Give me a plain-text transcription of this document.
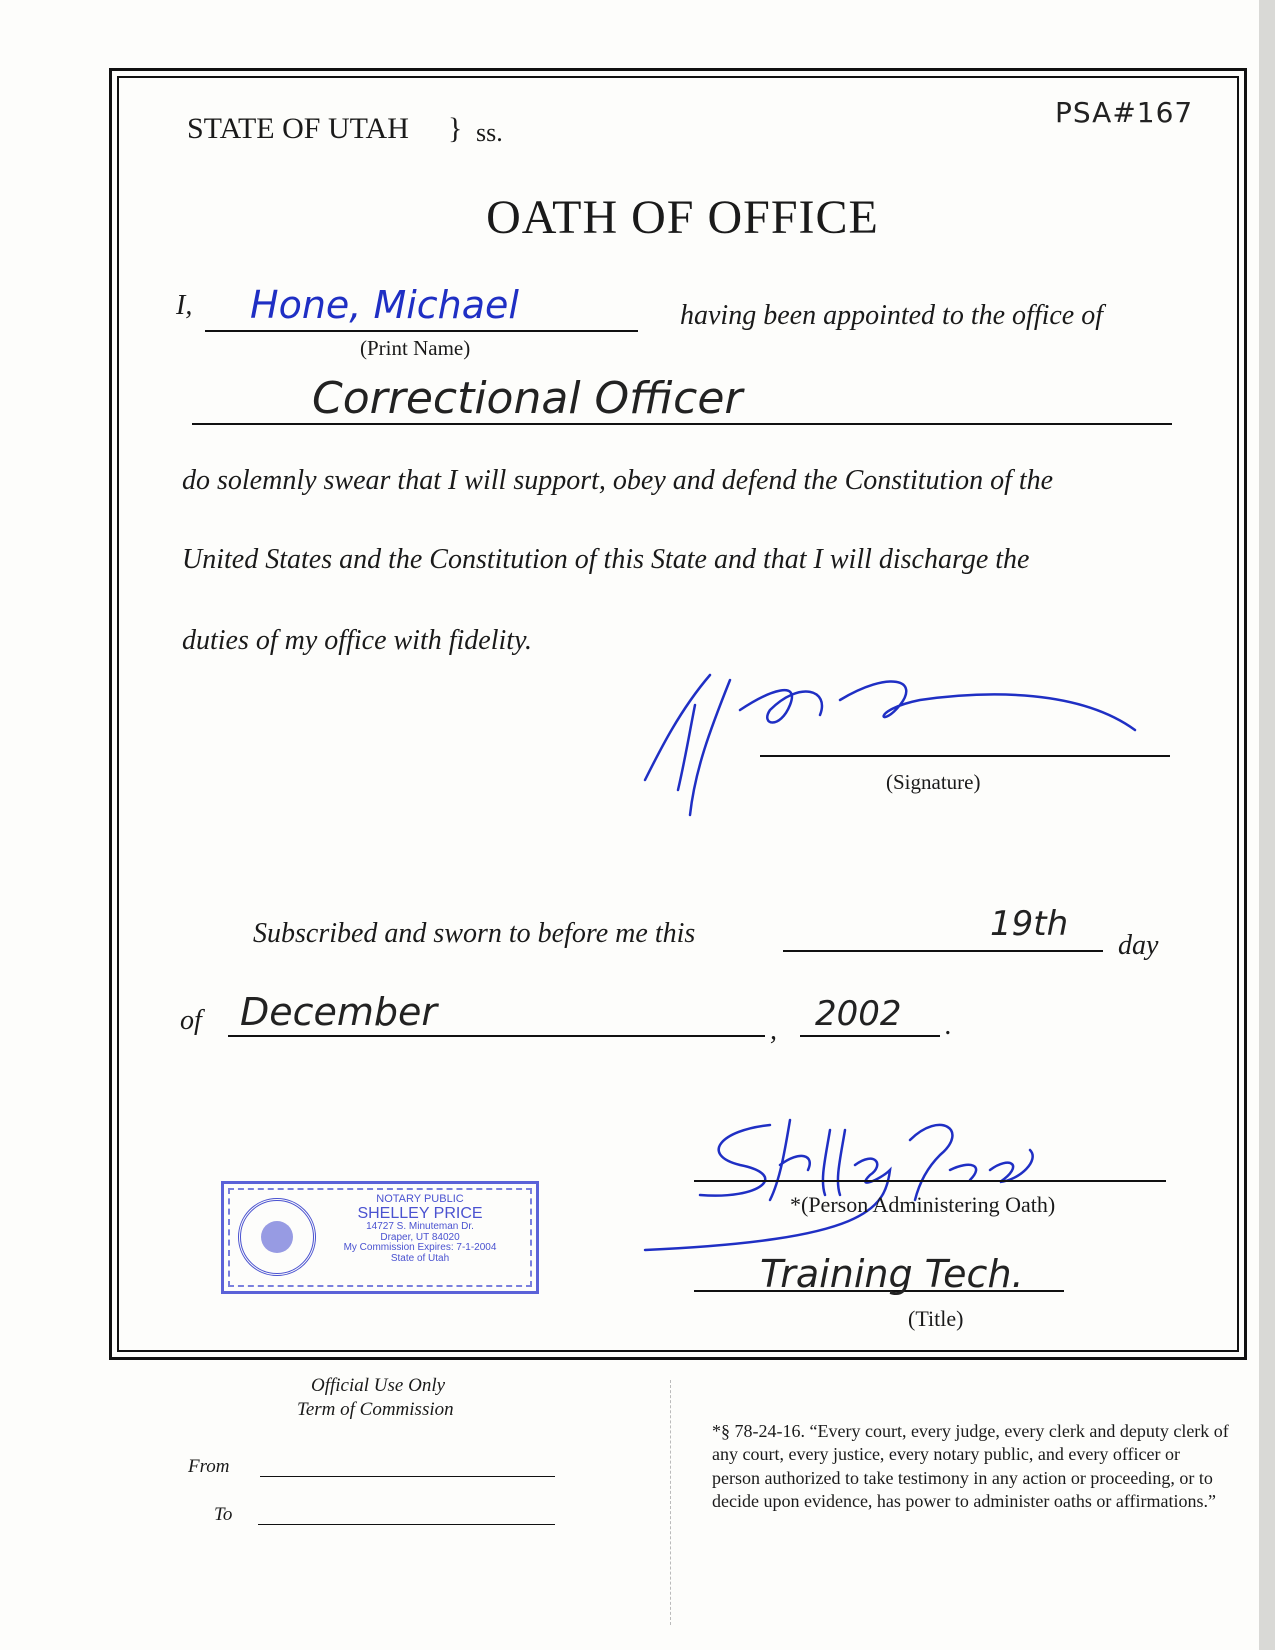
STATE OF UTAH } ss.
PSA#167
OATH OF OFFICE
I, Hone, Michael
(Print Name)
having been appointed to the office of
Correctional Officer
do solemnly swear that I will support, obey and defend the Constitution of the
United States and the Constitution of this State and that I will discharge the
duties of my office with fidelity.
(Signature)
Subscribed and sworn to before me this	19th
day
of December	, 2002 .
*(Person Administering Oath)
Training Tech.
(Title)
NOTARY PUBLIC
SHELLEY PRICE
14727 S. Minuteman Dr.
Draper, UT 84020
My Commission Expires: 7-1-2004
State of Utah
Official Use Only
Term of Commission
From
To
*§ 78-24-16. “Every court, every judge, every clerk and deputy clerk of any court, every justice, every notary public, and every officer or person authorized to take testimony in any action or proceeding, or to decide upon evidence, has power to administer oaths or affirmations.”
